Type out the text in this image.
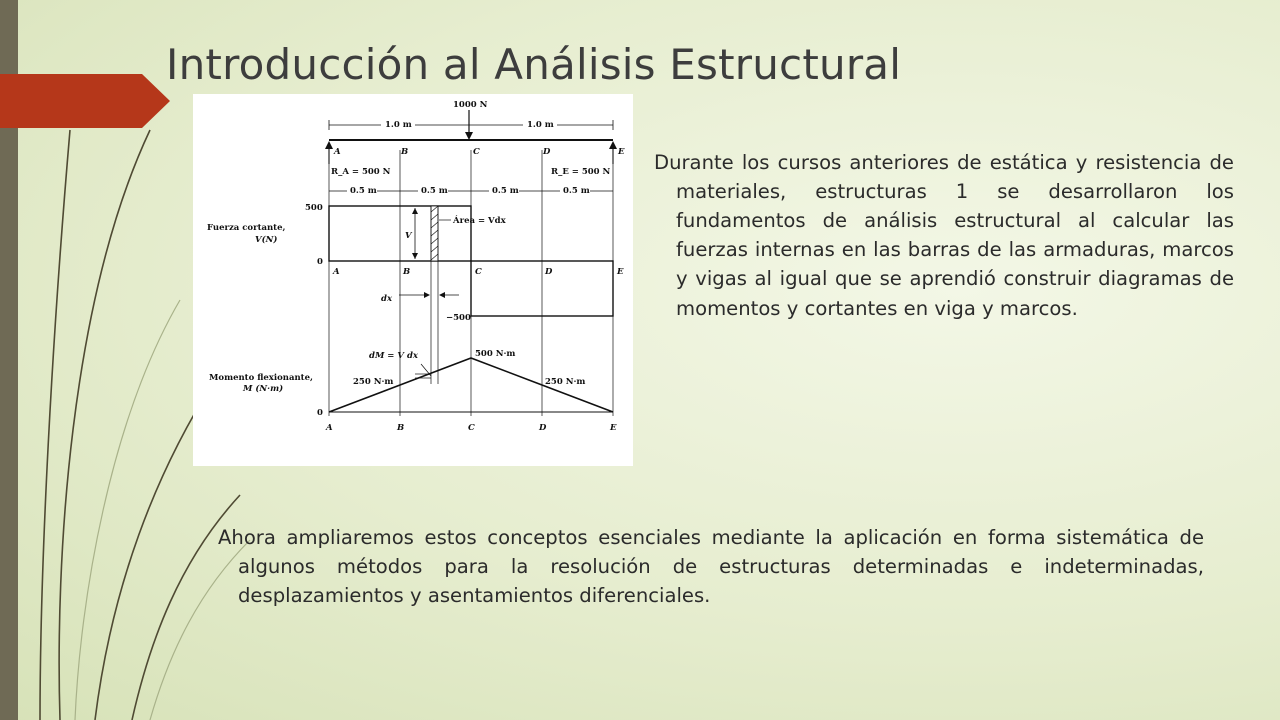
Introducción al Análisis Estructural
1000 N
1.0 m	1.0 m
A	B	C	D	E
R_A = 500 N	R_E = 500 N
0.5 m	0.5 m	0.5 m	0.5 m
Fuerza cortante,
V(N)
500
0
−500
V
Área = Vdx
dx
A	B	C	D	E
Momento flexionante,
M (N·m)
0
500 N·m
250 N·m	250 N·m
dM = V dx
A	B	C	D	E

Durante los cursos anteriores de estática y resistencia de materiales, estructuras 1 se desarrollaron los fundamentos de análisis estructural al calcular las fuerzas internas en las barras de las armaduras, marcos y vigas al igual que se aprendió construir diagramas de momentos y cortantes en viga y marcos.

Ahora ampliaremos estos conceptos esenciales mediante la aplicación en forma sistemática de algunos métodos para la resolución de estructuras determinadas e indeterminadas, desplazamientos y asentamientos diferenciales.
